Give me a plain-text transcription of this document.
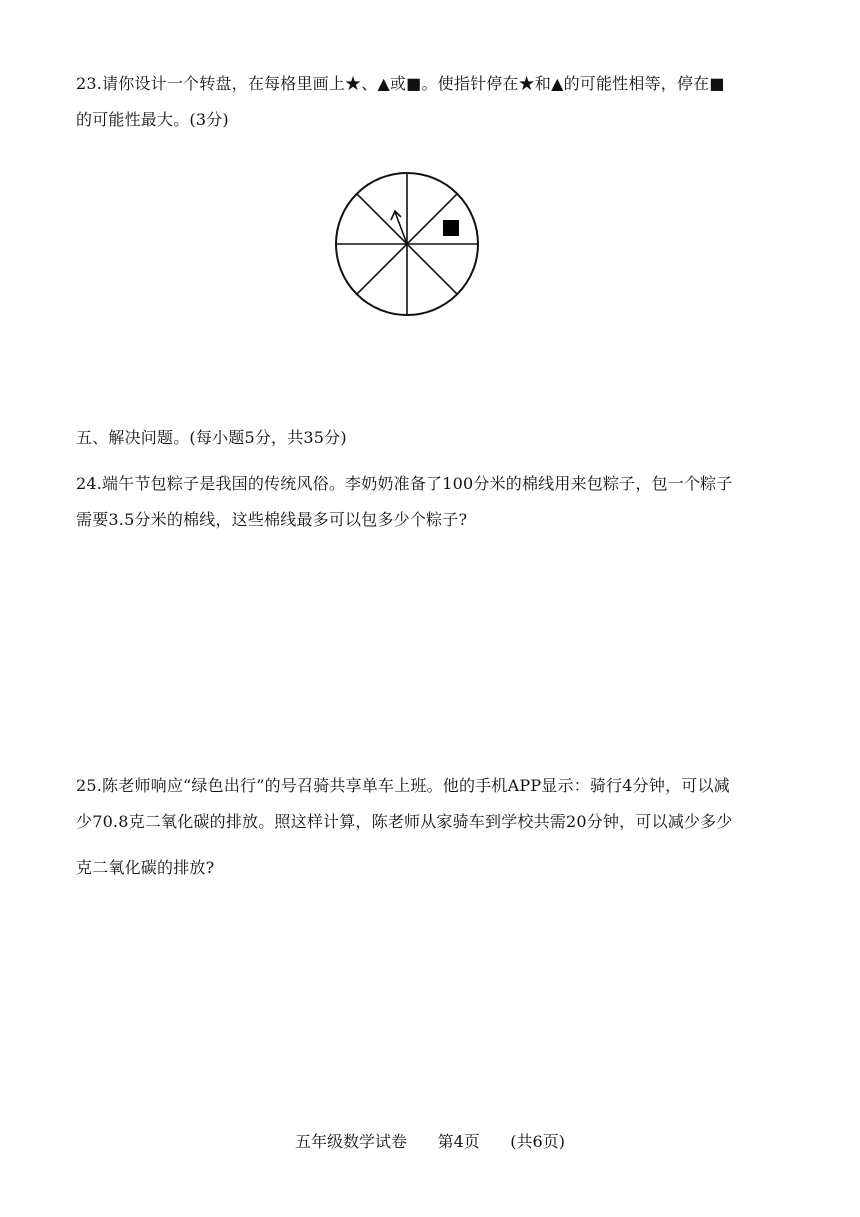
23.请你设计一个转盘，在每格里画上★、▲或■。使指针停在★和▲的可能性相等，停在■
的可能性最大。(3分)
五、解决问题。(每小题5分，共35分)
24.端午节包粽子是我国的传统风俗。李奶奶准备了100分米的棉线用来包粽子，包一个粽子
需要3.5分米的棉线，这些棉线最多可以包多少个粽子?
25.陈老师响应“绿色出行”的号召骑共享单车上班。他的手机APP显示：骑行4分钟，可以减
少70.8克二氧化碳的排放。照这样计算，陈老师从家骑车到学校共需20分钟，可以减少多少
克二氧化碳的排放?
五年级数学试卷 第4页 (共6页)
